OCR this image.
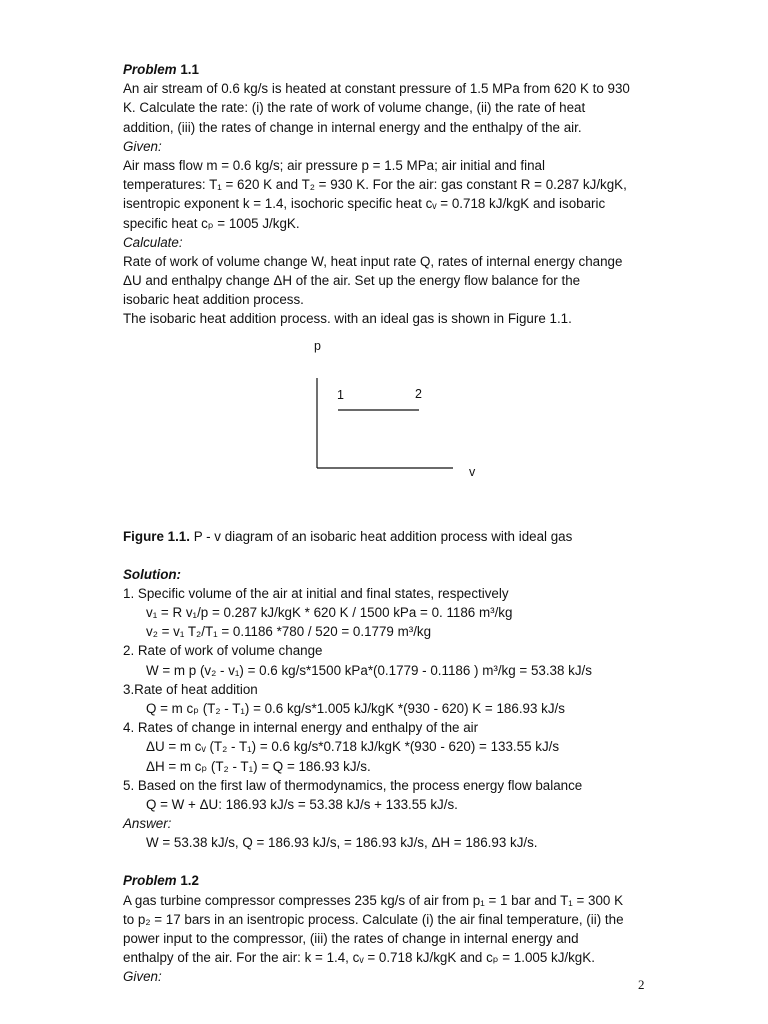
Problem 1.1
An air stream of 0.6 kg/s is heated at constant pressure of 1.5 MPa from 620 K to 930
K. Calculate the rate: (i) the rate of work of volume change, (ii) the rate of heat
addition, (iii) the rates of change in internal energy and the enthalpy of the air.
Given:
Air mass flow m = 0.6 kg/s; air pressure p = 1.5 MPa; air initial and final
temperatures: T₁ = 620 K and T₂ = 930 K. For the air: gas constant R = 0.287 kJ/kgK,
isentropic exponent k = 1.4, isochoric specific heat cᵥ = 0.718 kJ/kgK and isobaric
specific heat cₚ = 1005 J/kgK.
Calculate:
Rate of work of volume change W, heat input rate Q, rates of internal energy change
ΔU and enthalpy change ΔH of the air. Set up the energy flow balance for the
isobaric heat addition process.
The isobaric heat addition process. with an ideal gas is shown in Figure 1.1.
p
v
1	2
Figure 1.1. P - v diagram of an isobaric heat addition process with ideal gas
Solution:
1. Specific volume of the air at initial and final states, respectively
v₁ = R v₁/p = 0.287 kJ/kgK * 620 K / 1500 kPa = 0. 1186 m³/kg
v₂ = v₁ T₂/T₁ = 0.1186 *780 / 520 = 0.1779 m³/kg
2. Rate of work of volume change
W = m p (v₂ - v₁) = 0.6 kg/s*1500 kPa*(0.1779 - 0.1186 ) m³/kg = 53.38 kJ/s
3.Rate of heat addition
Q = m cₚ (T₂ - T₁) = 0.6 kg/s*1.005 kJ/kgK *(930 - 620) K = 186.93 kJ/s
4. Rates of change in internal energy and enthalpy of the air
ΔU = m cᵥ (T₂ - T₁) = 0.6 kg/s*0.718 kJ/kgK *(930 - 620) = 133.55 kJ/s
ΔH = m cₚ (T₂ - T₁) = Q = 186.93 kJ/s.
5. Based on the first law of thermodynamics, the process energy flow balance
Q = W + ΔU: 186.93 kJ/s = 53.38 kJ/s + 133.55 kJ/s.
Answer:
W = 53.38 kJ/s, Q = 186.93 kJ/s, = 186.93 kJ/s, ΔH = 186.93 kJ/s.
Problem 1.2
A gas turbine compressor compresses 235 kg/s of air from p₁ = 1 bar and T₁ = 300 K
to p₂ = 17 bars in an isentropic process. Calculate (i) the air final temperature, (ii) the
power input to the compressor, (iii) the rates of change in internal energy and
enthalpy of the air. For the air: k = 1.4, cᵥ = 0.718 kJ/kgK and cₚ = 1.005 kJ/kgK.
Given:
2
